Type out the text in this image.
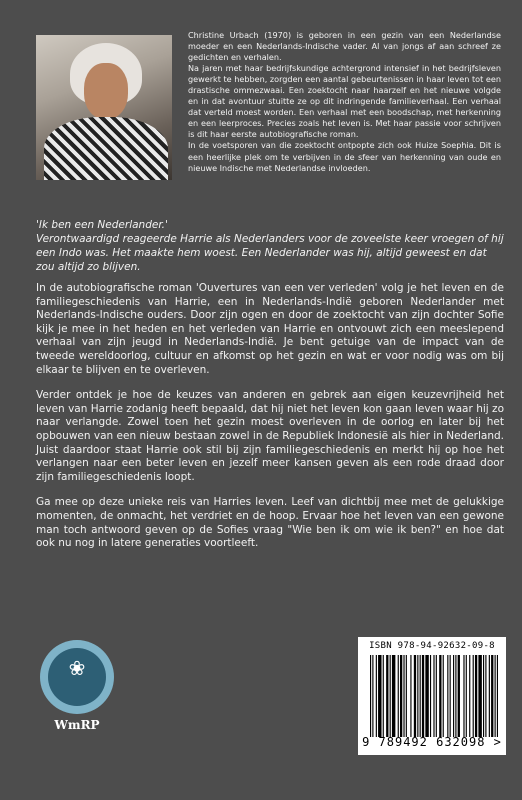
Christine Urbach (1970) is geboren in een gezin van een Nederlandse moeder en een Nederlands-Indische vader. Al van jongs af aan schreef ze gedichten en verhalen.

Na jaren met haar bedrijfskundige achtergrond intensief in het bedrijfsleven gewerkt te hebben, zorgden een aantal gebeurtenissen in haar leven tot een drastische ommezwaai. Een zoektocht naar haarzelf en het nieuwe volgde en in dat avontuur stuitte ze op dit indringende familieverhaal. Een verhaal dat verteld moest worden. Een verhaal met een boodschap, met herkenning en een leerproces. Precies zoals het leven is. Met haar passie voor schrijven is dit haar eerste autobiografische roman.

In de voetsporen van die zoektocht ontpopte zich ook Huize Soephia. Dit is een heerlijke plek om te verbijven in de sfeer van herkenning van oude en nieuwe Indische met Nederlandse invloeden.

'Ik ben een Nederlander.'

Verontwaardigd reageerde Harrie als Nederlanders voor de zoveelste keer vroegen of hij een Indo was. Het maakte hem woest. Een Nederlander was hij, altijd geweest en dat zou altijd zo blijven.

In de autobiografische roman 'Ouvertures van een ver verleden' volg je het leven en de familiegeschiedenis van Harrie, een in Nederlands-Indië geboren Nederlander met Nederlands-Indische ouders. Door zijn ogen en door de zoektocht van zijn dochter Sofie kijk je mee in het heden en het verleden van Harrie en ontvouwt zich een meeslepend verhaal van zijn jeugd in Nederlands-Indië. Je bent getuige van de impact van de tweede wereldoorlog, cultuur en afkomst op het gezin en wat er voor nodig was om bij elkaar te blijven en te overleven.

Verder ontdek je hoe de keuzes van anderen en gebrek aan eigen keuzevrijheid het leven van Harrie zodanig heeft bepaald, dat hij niet het leven kon gaan leven waar hij zo naar verlangde. Zowel toen het gezin moest overleven in de oorlog en later bij het opbouwen van een nieuw bestaan zowel in de Republiek Indonesië als hier in Nederland. Juist daardoor staat Harrie ook stil bij zijn familiegeschiedenis en merkt hij op hoe het verlangen naar een beter leven en jezelf meer kansen geven als een rode draad door zijn familiegeschiedenis loopt.

Ga mee op deze unieke reis van Harries leven. Leef van dichtbij mee met de gelukkige momenten, de onmacht, het verdriet en de hoop. Ervaar hoe het leven van een gewone man toch antwoord geven op de Sofies vraag "Wie ben ik om wie ik ben?" en hoe dat ook nu nog in latere generaties voortleeft.

❀
WmRP
ISBN 978-94-92632-09-8
9 789492 632098 >
